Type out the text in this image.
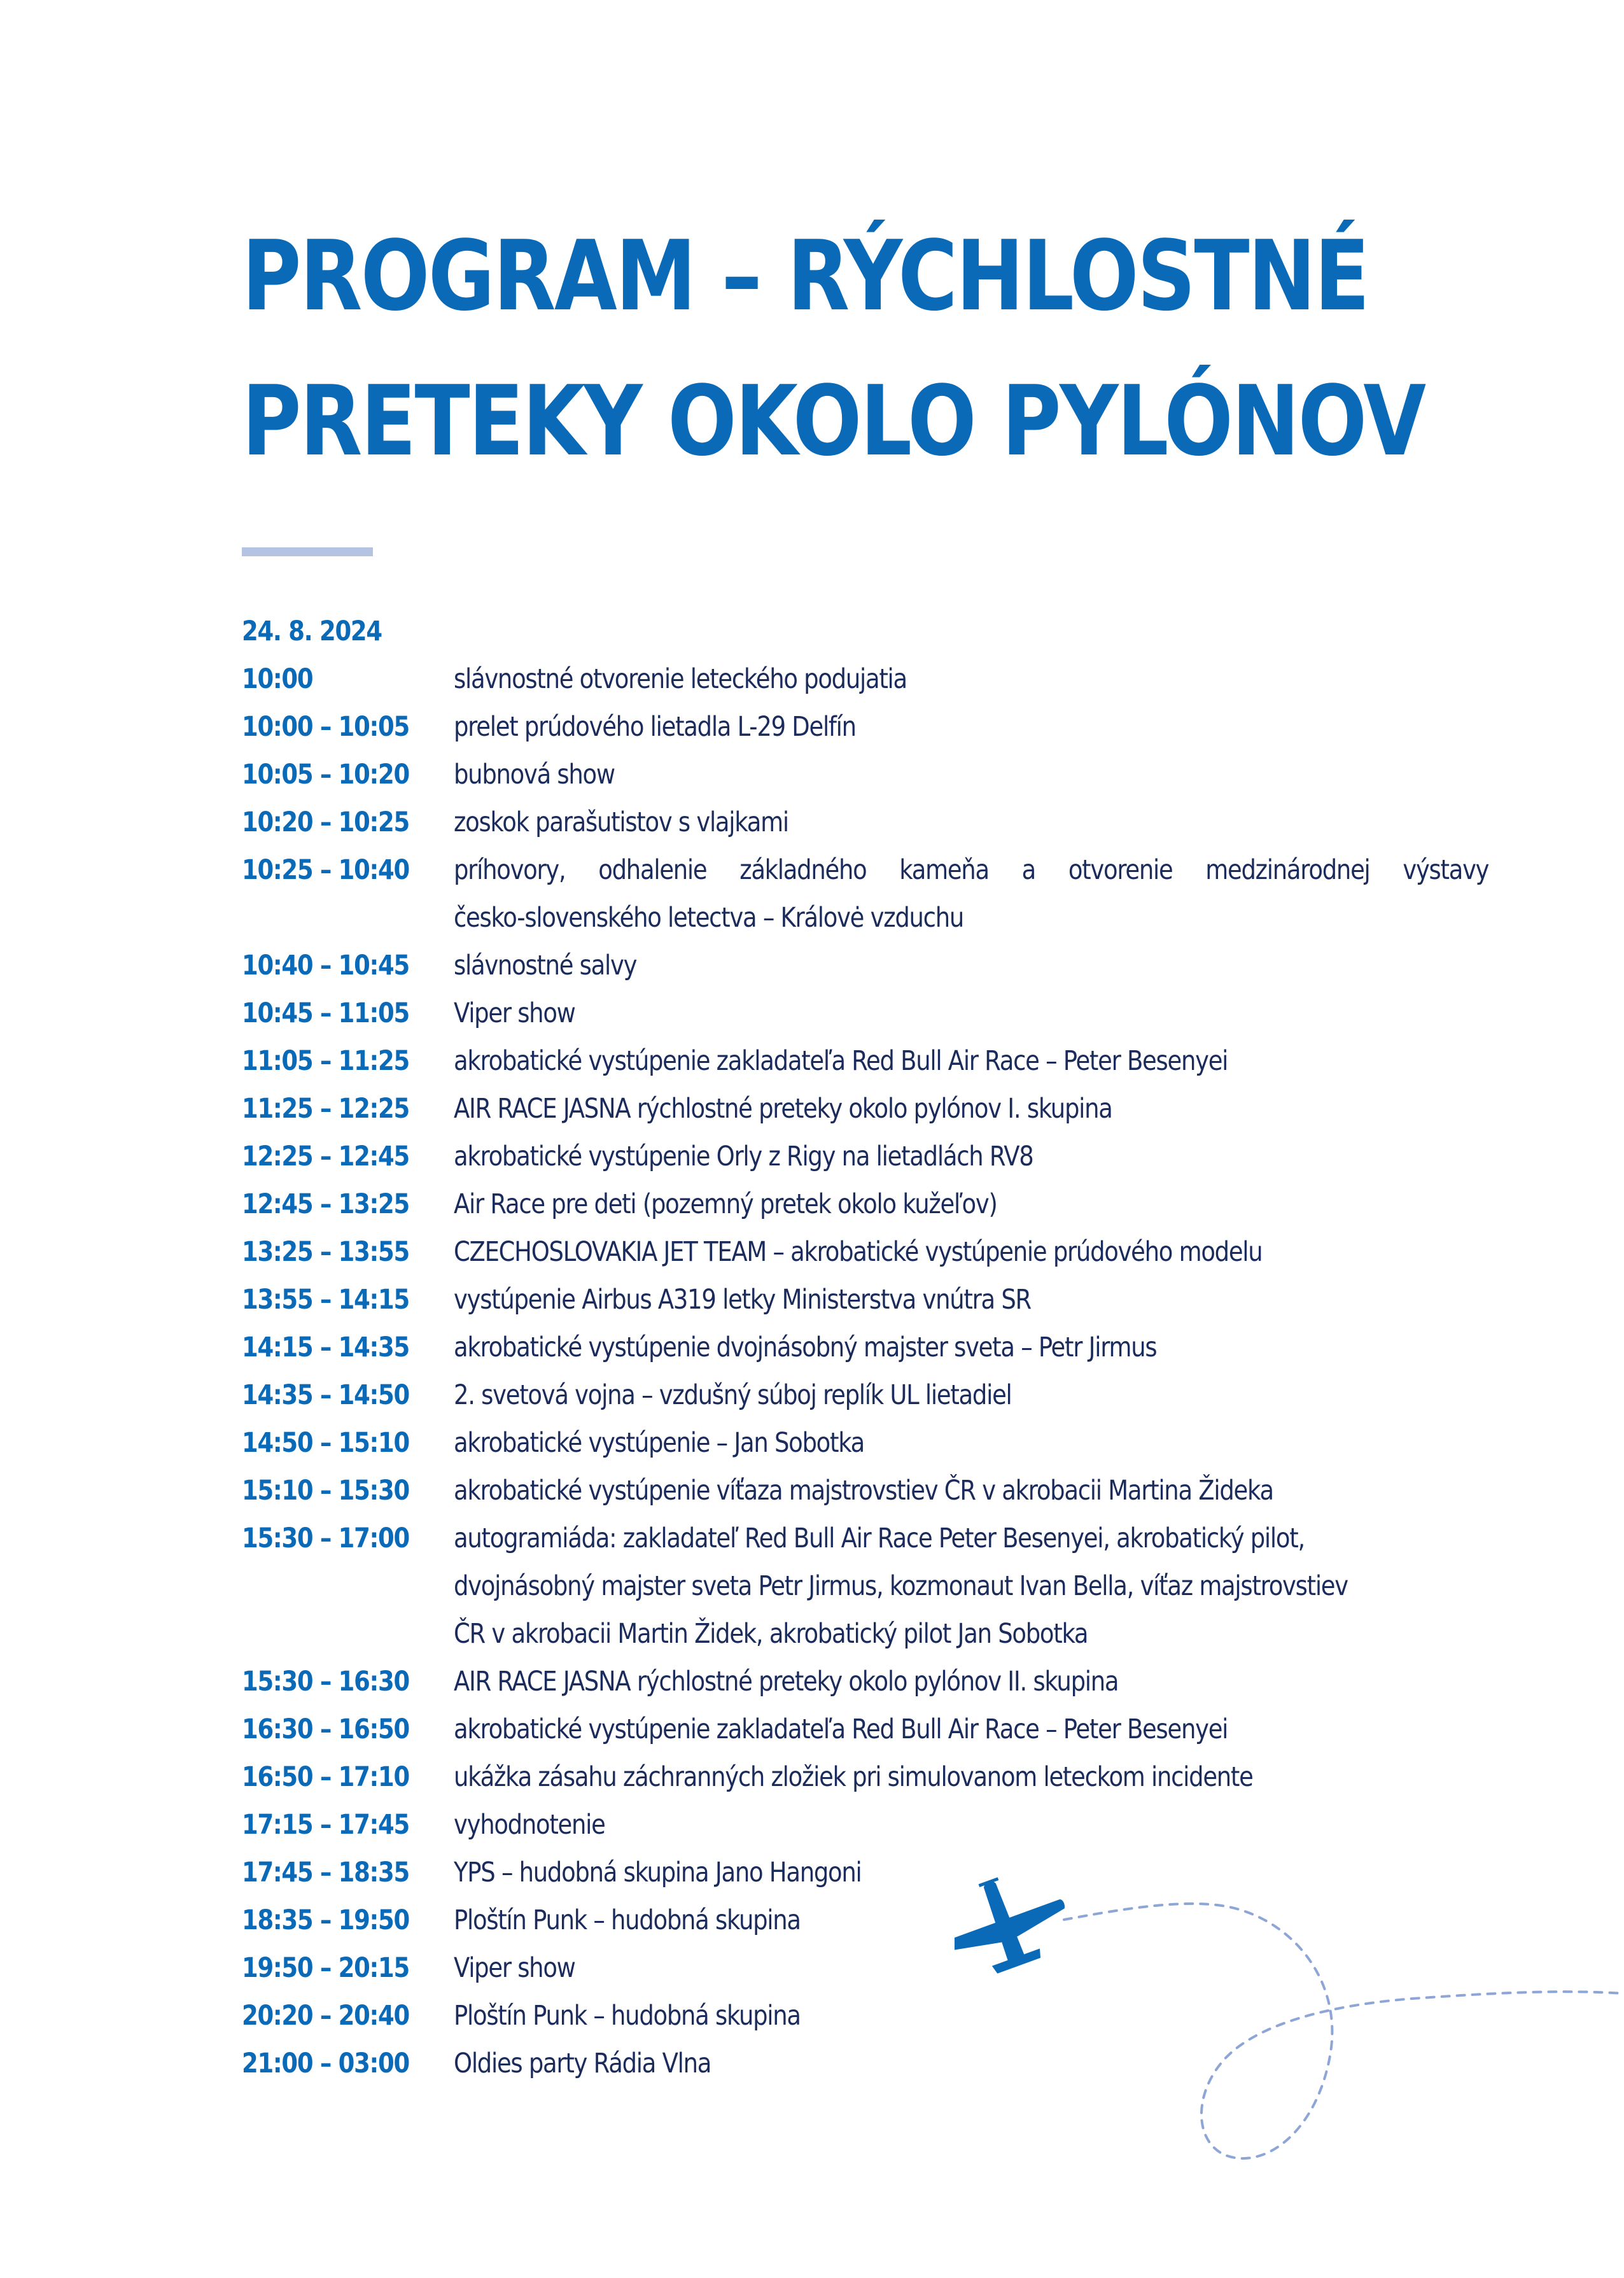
PROGRAM – RÝCHLOSTNÉ
PRETEKY OKOLO PYLÓNOV
24. 8. 2024
10:00	slávnostné otvorenie leteckého podujatia
10:00 – 10:05 prelet prúdového lietadla L-29 Delfín
10:05 – 10:20 bubnová show
10:20 – 10:25 zoskok parašutistov s vlajkami
10:25 – 10:40 príhovory, odhalenie základného kameňa a otvorenie medzinárodnej výstavy
česko-slovenského letectva – Královė vzduchu
10:40 – 10:45 slávnostné salvy
10:45 – 11:05 Viper show
11:05 – 11:25 akrobatické vystúpenie zakladateľa Red Bull Air Race – Peter Besenyei
11:25 – 12:25 AIR RACE JASNA rýchlostné preteky okolo pylónov I. skupina
12:25 – 12:45 akrobatické vystúpenie Orly z Rigy na lietadlách RV8
12:45 – 13:25 Air Race pre deti (pozemný pretek okolo kužeľov)
13:25 – 13:55 CZECHOSLOVAKIA JET TEAM – akrobatické vystúpenie prúdového modelu
13:55 – 14:15 vystúpenie Airbus A319 letky Ministerstva vnútra SR
14:15 – 14:35 akrobatické vystúpenie dvojnásobný majster sveta – Petr Jirmus
14:35 – 14:50 2. svetová vojna – vzdušný súboj replík UL lietadiel
14:50 – 15:10 akrobatické vystúpenie – Jan Sobotka
15:10 – 15:30 akrobatické vystúpenie víťaza majstrovstiev ČR v akrobacii Martina Žideka
15:30 – 17:00 autogramiáda: zakladateľ Red Bull Air Race Peter Besenyei, akrobatický pilot,
dvojnásobný majster sveta Petr Jirmus, kozmonaut Ivan Bella, víťaz majstrovstiev
ČR v akrobacii Martin Židek, akrobatický pilot Jan Sobotka
15:30 – 16:30 AIR RACE JASNA rýchlostné preteky okolo pylónov II. skupina
16:30 – 16:50 akrobatické vystúpenie zakladateľa Red Bull Air Race – Peter Besenyei
16:50 – 17:10 ukážka zásahu záchranných zložiek pri simulovanom leteckom incidente
17:15 – 17:45 vyhodnotenie
17:45 – 18:35 YPS – hudobná skupina Jano Hangoni
18:35 – 19:50 Ploštín Punk – hudobná skupina
19:50 – 20:15 Viper show
20:20 – 20:40 Ploštín Punk – hudobná skupina
21:00 – 03:00 Oldies party Rádia Vlna
